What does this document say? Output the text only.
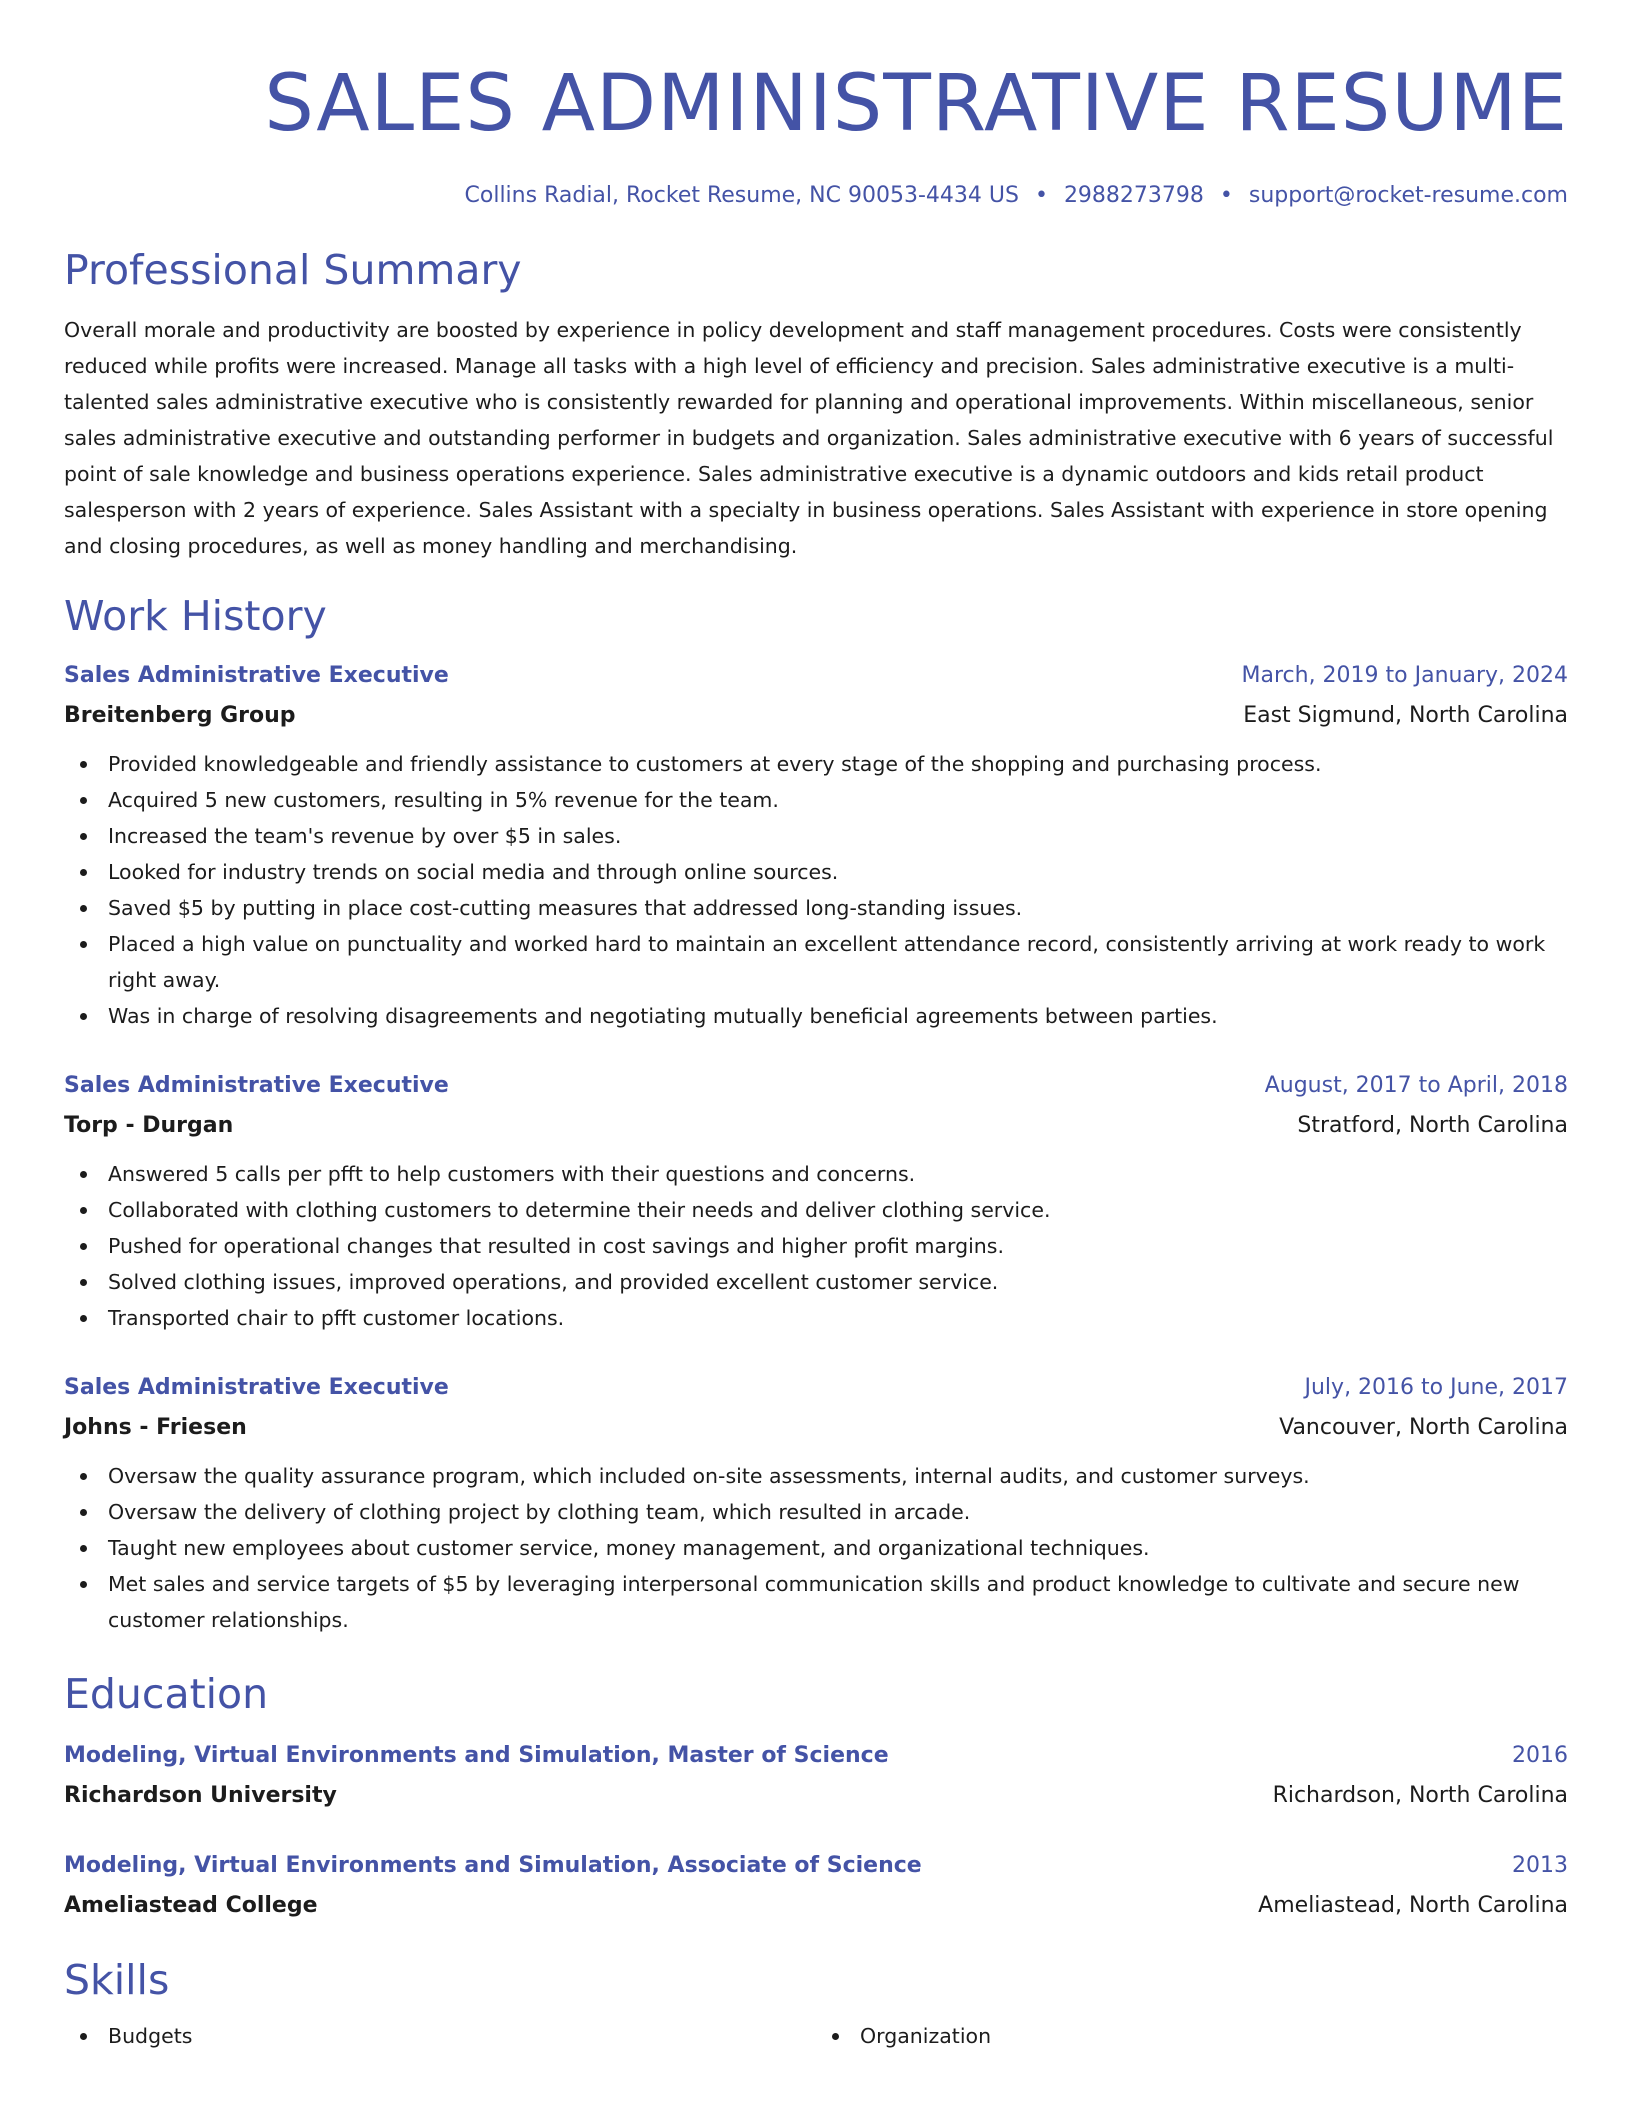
SALES ADMINISTRATIVE RESUME
Collins Radial, Rocket Resume, NC 90053-4434 US • 2988273798 • support@rocket-resume.com
Professional Summary

Overall morale and productivity are boosted by experience in policy development and staff management procedures. Costs were consistently reduced while profits were increased. Manage all tasks with a high level of efficiency and precision. Sales administrative executive is a multi-talented sales administrative executive who is consistently rewarded for planning and operational improvements. Within miscellaneous, senior sales administrative executive and outstanding performer in budgets and organization. Sales administrative executive with 6 years of successful point of sale knowledge and business operations experience. Sales administrative executive is a dynamic outdoors and kids retail product salesperson with 2 years of experience. Sales Assistant with a specialty in business operations. Sales Assistant with experience in store opening and closing procedures, as well as money handling and merchandising.

Work History
Sales Administrative Executive	March, 2019 to January, 2024
Breitenberg Group	East Sigmund, North Carolina
Provided knowledgeable and friendly assistance to customers at every stage of the shopping and purchasing process.
Acquired 5 new customers, resulting in 5% revenue for the team.
Increased the team's revenue by over $5 in sales.
Looked for industry trends on social media and through online sources.
Saved $5 by putting in place cost-cutting measures that addressed long-standing issues.
Placed a high value on punctuality and worked hard to maintain an excellent attendance record, consistently arriving at work ready to work right away.
Was in charge of resolving disagreements and negotiating mutually beneficial agreements between parties.
Sales Administrative Executive	August, 2017 to April, 2018
Torp - Durgan	Stratford, North Carolina
Answered 5 calls per pfft to help customers with their questions and concerns.
Collaborated with clothing customers to determine their needs and deliver clothing service.
Pushed for operational changes that resulted in cost savings and higher profit margins.
Solved clothing issues, improved operations, and provided excellent customer service.
Transported chair to pfft customer locations.
Sales Administrative Executive	July, 2016 to June, 2017
Johns - Friesen	Vancouver, North Carolina
Oversaw the quality assurance program, which included on-site assessments, internal audits, and customer surveys.
Oversaw the delivery of clothing project by clothing team, which resulted in arcade.
Taught new employees about customer service, money management, and organizational techniques.
Met sales and service targets of $5 by leveraging interpersonal communication skills and product knowledge to cultivate and secure new customer relationships.
Education
Modeling, Virtual Environments and Simulation, Master of Science	2016
Richardson University	Richardson, North Carolina
Modeling, Virtual Environments and Simulation, Associate of Science	2013
Ameliastead College	Ameliastead, North Carolina
Skills
Budgets	Organization
